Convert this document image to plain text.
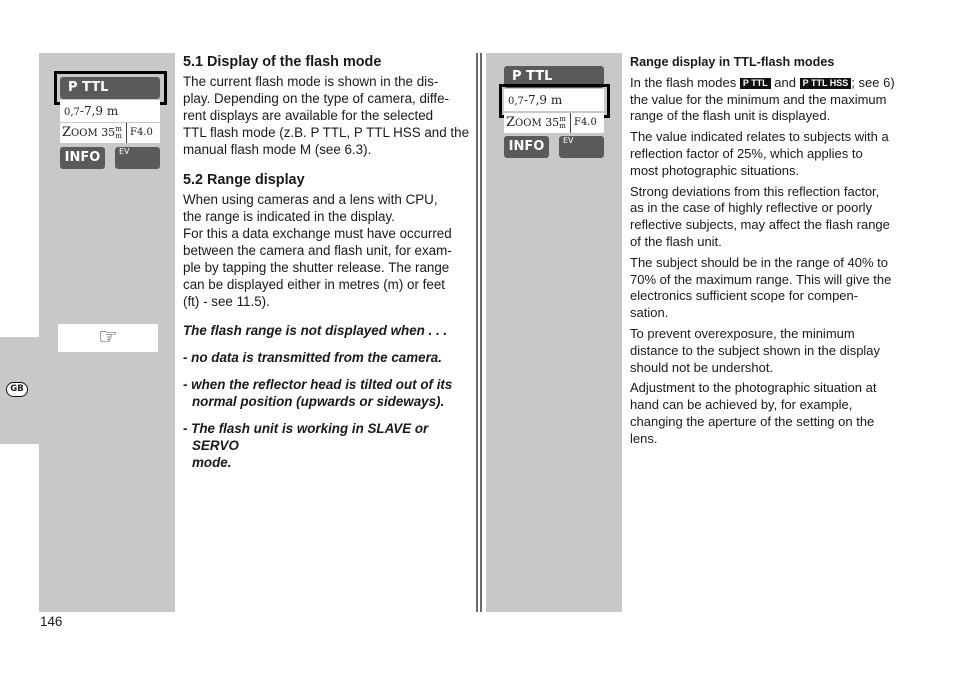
GB
P TTL
0,7-7,9 m
ZOOM 35m
m F4.0
INFO	EV
P TTL
0,7-7,9 m
ZOOM 35m
m F4.0
INFO	EV
☞
5.1 Display of the flash mode
The current flash mode is shown in the dis-
play. Depending on the type of camera, diffe-
rent displays are available for the selected
TTL flash mode (z.B. P TTL, P TTL HSS and the
manual flash mode M (see 6.3).
5.2 Range display
When using cameras and a lens with CPU,
the range is indicated in the display.
For this a data exchange must have occurred
between the camera and flash unit, for exam-
ple by tapping the shutter release. The range
can be displayed either in metres (m) or feet
(ft) - see 11.5).
The flash range is not displayed when . . .
- no data is transmitted from the camera.
- when the reflector head is tilted out of its
normal position (upwards or sideways).
- The flash unit is working in SLAVE or SERVO
mode.
Range display in TTL-flash modes
In the flash modes P TTL and P TTL HSS ; see 6)
the value for the minimum and the maximum
range of the flash unit is displayed.
The value indicated relates to subjects with a
reflection factor of 25%, which applies to
most photographic situations.
Strong deviations from this reflection factor,
as in the case of highly reflective or poorly
reflective subjects, may affect the flash range
of the flash unit.
The subject should be in the range of 40% to
70% of the maximum range. This will give the
electronics sufficient scope for compen-
sation.
To prevent overexposure, the minimum
distance to the subject shown in the display
should not be undershot.
Adjustment to the photographic situation at
hand can be achieved by, for example,
changing the aperture of the setting on the
lens.
146
